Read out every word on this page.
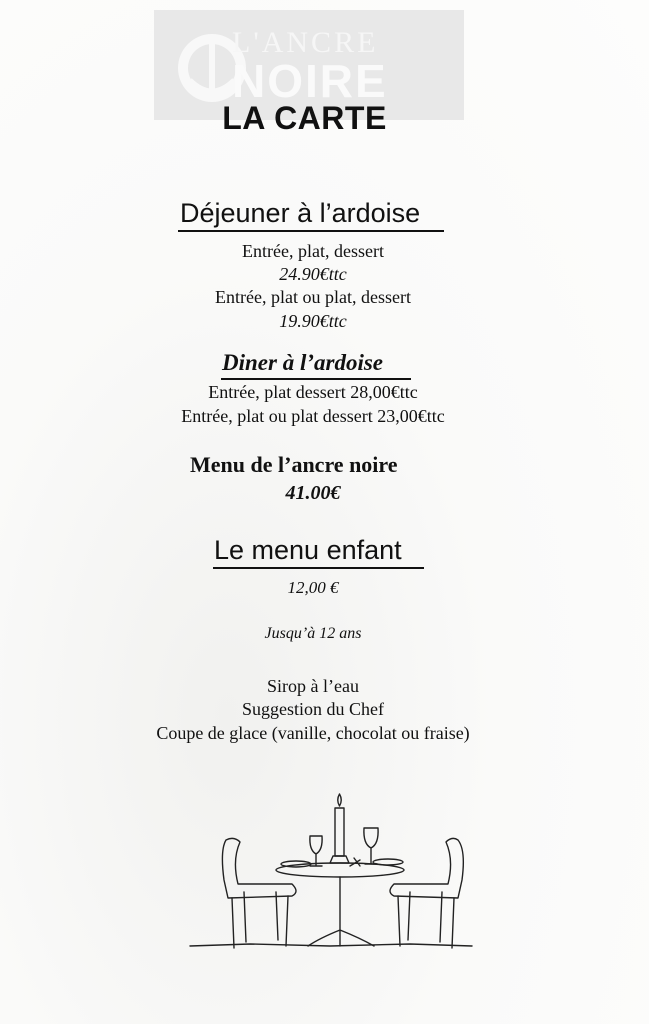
L'ANCRE
NOIRE
LA CARTE
Déjeuner à l’ardoise
Entrée, plat, dessert
24.90€ttc
Entrée, plat ou plat, dessert
19.90€ttc
Diner à l’ardoise
Entrée, plat dessert 28,00€ttc
Entrée, plat ou plat dessert 23,00€ttc
Menu de l’ancre noire
41.00€
Le menu enfant
12,00 €
Jusqu’à 12 ans
Sirop à l’eau
Suggestion du Chef
Coupe de glace (vanille, chocolat ou fraise)
